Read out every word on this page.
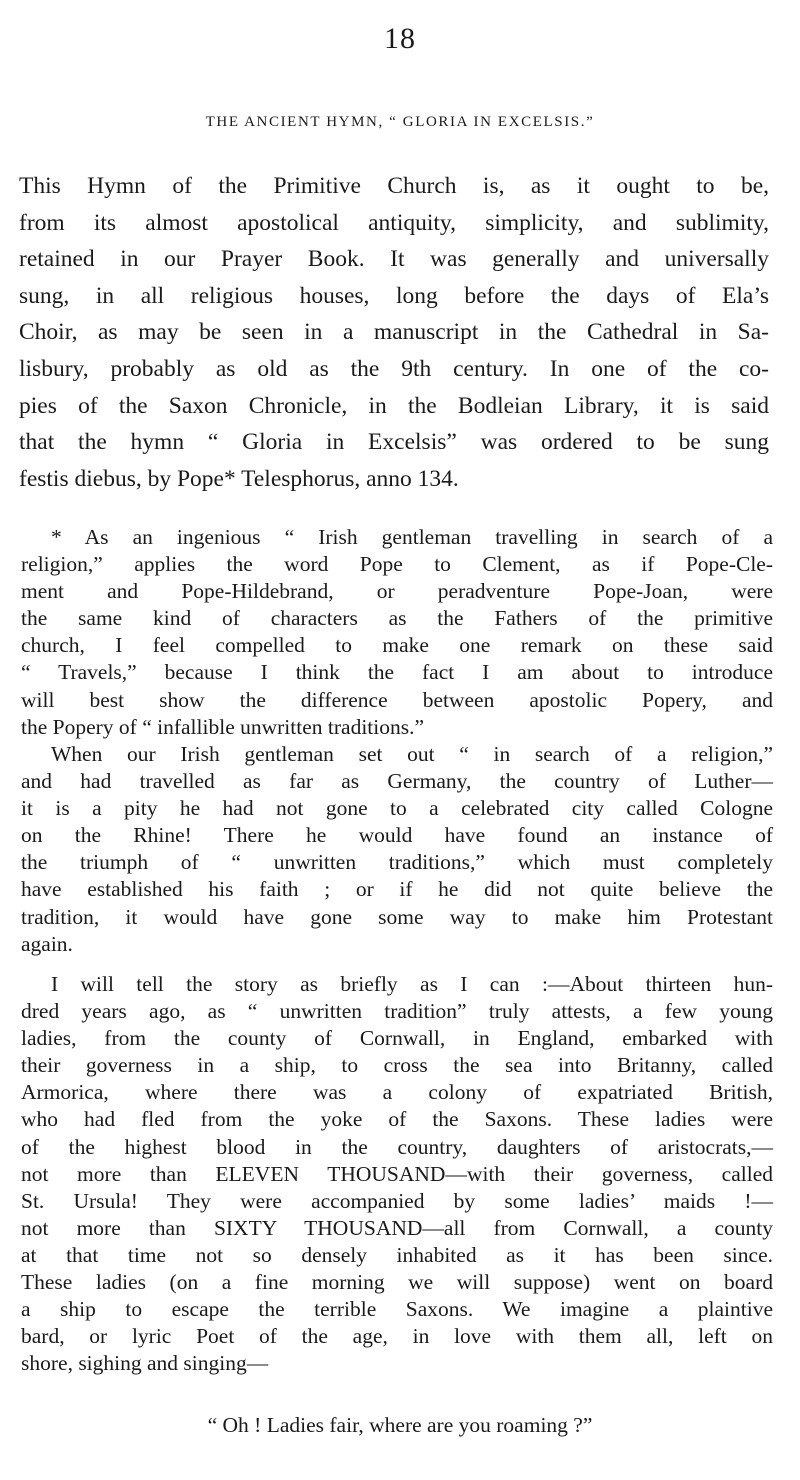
18
THE ANCIENT HYMN, “ GLORIA IN EXCELSIS.”
This Hymn of the Primitive Church is, as it ought to be,
from its almost apostolical antiquity, simplicity, and sublimity,
retained in our Prayer Book. It was generally and universally
sung, in all religious houses, long before the days of Ela’s
Choir, as may be seen in a manuscript in the Cathedral in Sa-
lisbury, probably as old as the 9th century. In one of the co-
pies of the Saxon Chronicle, in the Bodleian Library, it is said
that the hymn “ Gloria in Excelsis” was ordered to be sung
festis diebus, by Pope* Telesphorus, anno 134.
* As an ingenious “ Irish gentleman travelling in search of a
religion,” applies the word Pope to Clement, as if Pope-Cle-
ment and Pope-Hildebrand, or peradventure Pope-Joan, were
the same kind of characters as the Fathers of the primitive
church, I feel compelled to make one remark on these said
“ Travels,” because I think the fact I am about to introduce
will best show the difference between apostolic Popery, and
the Popery of “ infallible unwritten traditions.”
When our Irish gentleman set out “ in search of a religion,”
and had travelled as far as Germany, the country of Luther—
it is a pity he had not gone to a celebrated city called Cologne
on the Rhine! There he would have found an instance of
the triumph of “ unwritten traditions,” which must completely
have established his faith ; or if he did not quite believe the
tradition, it would have gone some way to make him Protestant
again.
I will tell the story as briefly as I can :—About thirteen hun-
dred years ago, as “ unwritten tradition” truly attests, a few young
ladies, from the county of Cornwall, in England, embarked with
their governess in a ship, to cross the sea into Britanny, called
Armorica, where there was a colony of expatriated British,
who had fled from the yoke of the Saxons. These ladies were
of the highest blood in the country, daughters of aristocrats,—
not more than ELEVEN THOUSAND—with their governess, called
St. Ursula! They were accompanied by some ladies’ maids !—
not more than SIXTY THOUSAND—all from Cornwall, a county
at that time not so densely inhabited as it has been since.
These ladies (on a fine morning we will suppose) went on board
a ship to escape the terrible Saxons. We imagine a plaintive
bard, or lyric Poet of the age, in love with them all, left on
shore, sighing and singing—
“ Oh ! Ladies fair, where are you roaming ?”
